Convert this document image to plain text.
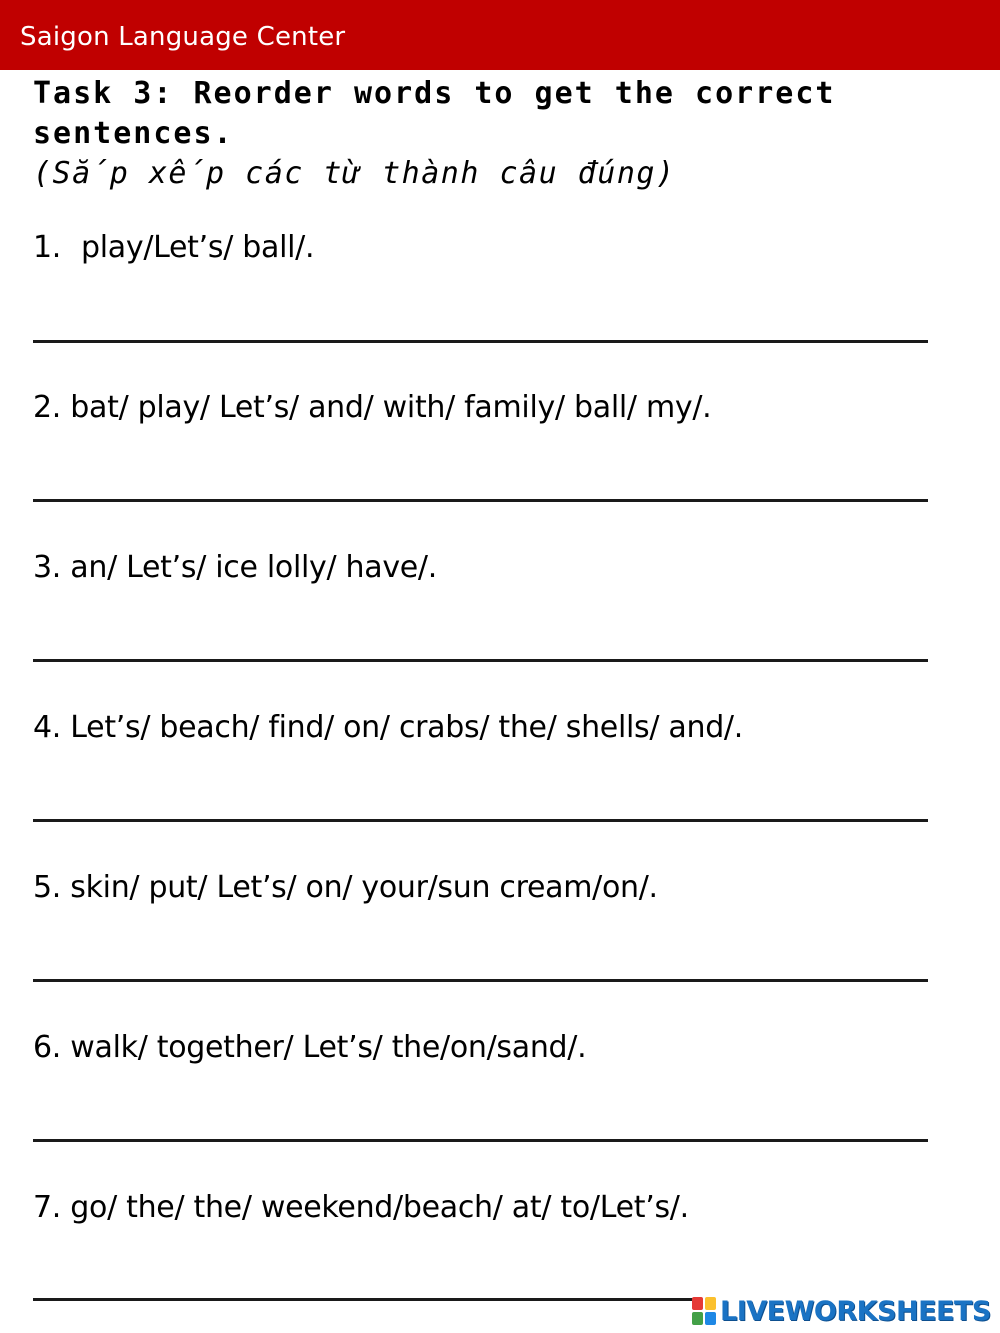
Saigon Language Center
Task 3: Reorder words to get the correct sentences.
(Sắp xếp các từ thành câu đúng)
1. play/Let’s/ ball/.
2. bat/ play/ Let’s/ and/ with/ family/ ball/ my/.
3. an/ Let’s/ ice lolly/ have/.
4. Let’s/ beach/ find/ on/ crabs/ the/ shells/ and/.
5. skin/ put/ Let’s/ on/ your/sun cream/on/.
6. walk/ together/ Let’s/ the/on/sand/.
7. go/ the/ the/ weekend/beach/ at/ to/Let’s/.
LIVEWORKSHEETS
